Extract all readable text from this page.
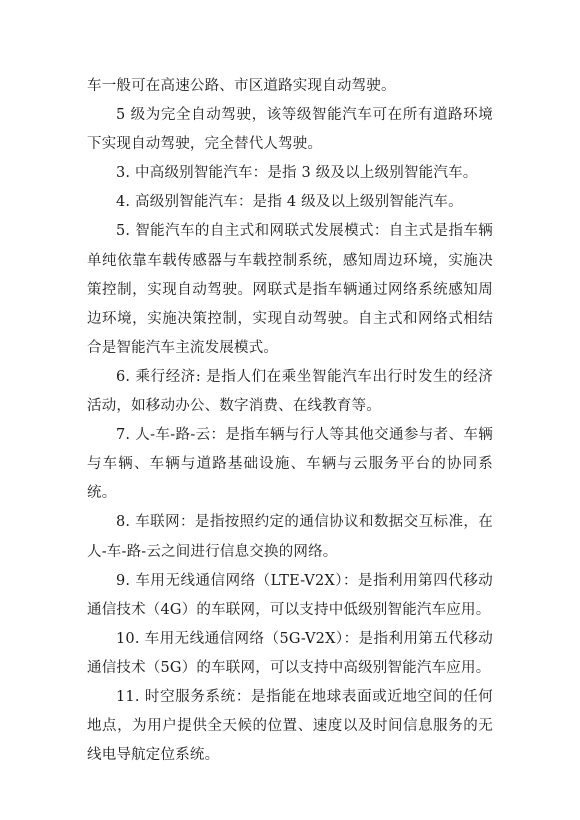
车一般可在高速公路、市区道路实现自动驾驶。

5 级为完全自动驾驶，该等级智能汽车可在所有道路环境下实现自动驾驶，完全替代人驾驶。

3. 中高级别智能汽车：是指 3 级及以上级别智能汽车。

4. 高级别智能汽车：是指 4 级及以上级别智能汽车。

5. 智能汽车的自主式和网联式发展模式：自主式是指车辆单纯依靠车载传感器与车载控制系统，感知周边环境，实施决策控制，实现自动驾驶。网联式是指车辆通过网络系统感知周边环境，实施决策控制，实现自动驾驶。自主式和网络式相结合是智能汽车主流发展模式。

6. 乘行经济: 是指人们在乘坐智能汽车出行时发生的经济活动，如移动办公、数字消费、在线教育等。

7. 人-车-路-云：是指车辆与行人等其他交通参与者、车辆与车辆、车辆与道路基础设施、车辆与云服务平台的协同系统。

8. 车联网：是指按照约定的通信协议和数据交互标准，在人-车-路-云之间进行信息交换的网络。

9. 车用无线通信网络（LTE-V2X）：是指利用第四代移动通信技术（4G）的车联网，可以支持中低级别智能汽车应用。

10. 车用无线通信网络（5G-V2X）：是指利用第五代移动通信技术（5G）的车联网，可以支持中高级别智能汽车应用。

11. 时空服务系统：是指能在地球表面或近地空间的任何地点，为用户提供全天候的位置、速度以及时间信息服务的无线电导航定位系统。
